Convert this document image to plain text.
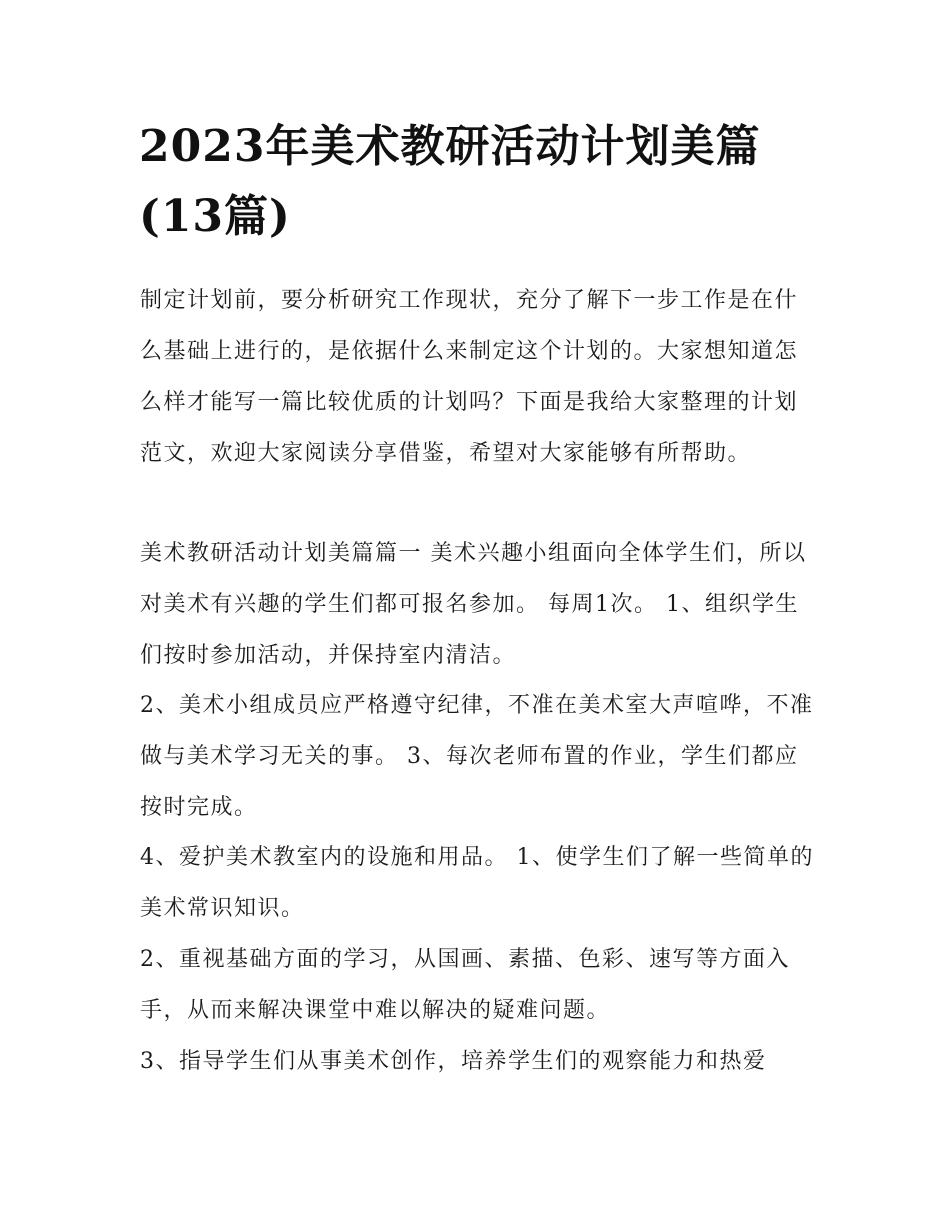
2023年美术教研活动计划美篇(13篇)

制定计划前，要分析研究工作现状，充分了解下一步工作是在什么基础上进行的，是依据什么来制定这个计划的。大家想知道怎么样才能写一篇比较优质的计划吗？下面是我给大家整理的计划范文，欢迎大家阅读分享借鉴，希望对大家能够有所帮助。

美术教研活动计划美篇篇一 美术兴趣小组面向全体学生们，所以对美术有兴趣的学生们都可报名参加。 每周1次。 1、组织学生们按时参加活动，并保持室内清洁。

2、美术小组成员应严格遵守纪律，不准在美术室大声喧哗，不准做与美术学习无关的事。 3、每次老师布置的作业，学生们都应按时完成。

4、爱护美术教室内的设施和用品。 1、使学生们了解一些简单的美术常识知识。

2、重视基础方面的学习，从国画、素描、色彩、速写等方面入手，从而来解决课堂中难以解决的疑难问题。

3、指导学生们从事美术创作，培养学生们的观察能力和热爱
